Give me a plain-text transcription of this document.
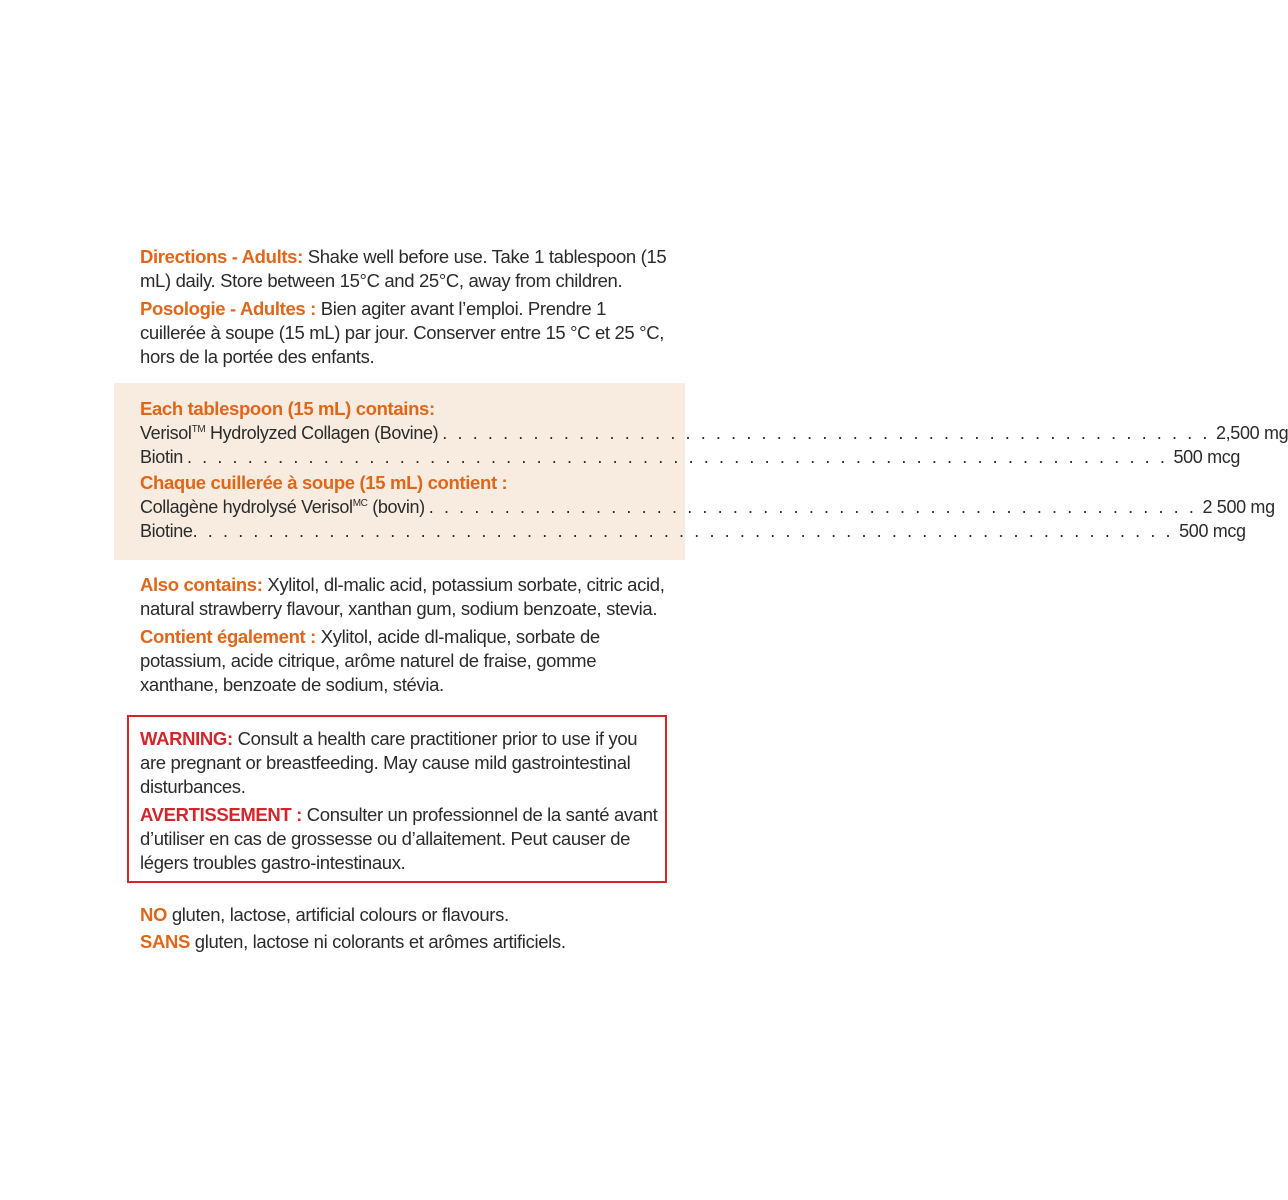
Directions - Adults: Shake well before use. Take 1 tablespoon (15 mL) daily. Store between 15°C and 25°C, away from children.
Posologie - Adultes : Bien agiter avant l’emploi. Prendre 1 cuillerée à soupe (15 mL) par jour. Conserver entre 15 °C et 25 °C, hors de la portée des enfants.
Each tablespoon (15 mL) contains:
Verisol™ Hydrolyzed Collagen (Bovine) . . . . . . . . . . . . . . . . . . . . . . . . . . . . . . . . . . . . . . . . . . . . . . . . . . . 2,500 mg
Biotin . . . . . . . . . . . . . . . . . . . . . . . . . . . . . . . . . . . . . . . . . . . . . . . . . . . . . . . . . . . . . . . . . 500 mcg
Chaque cuillerée à soupe (15 mL) contient :
Collagène hydrolysé Verisol$^{MC}$ (bovin) . . . . . . . . . . . . . . . . . . . . . . . . . . . . . . . . . . . . . . . . . . . . . . . . . . . 2 500 mg
Biotine . . . . . . . . . . . . . . . . . . . . . . . . . . . . . . . . . . . . . . . . . . . . . . . . . . . . . . . . . . . . . . . . . 500 mcg
Also contains: Xylitol, dl-malic acid, potassium sorbate, citric acid, natural strawberry flavour, xanthan gum, sodium benzoate, stevia.
Contient également : Xylitol, acide dl-malique, sorbate de potassium, acide citrique, arôme naturel de fraise, gomme xanthane, benzoate de sodium, stévia.
WARNING: Consult a health care practitioner prior to use if you are pregnant or breastfeeding. May cause mild gastrointestinal disturbances.
AVERTISSEMENT : Consulter un professionnel de la santé avant d’utiliser en cas de grossesse ou d’allaitement. Peut causer de légers troubles gastro-intestinaux.
NO gluten, lactose, artificial colours or flavours.
SANS gluten, lactose ni colorants et arômes artificiels.
